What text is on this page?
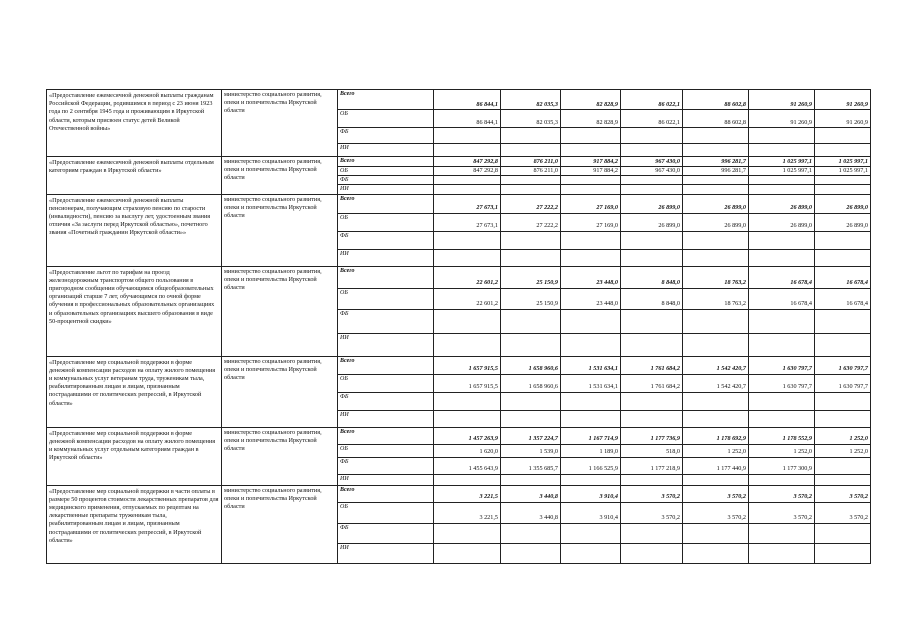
«Предоставление ежемесячной денежной выплаты гражданам Российской Федерации, родившимся в период с 23 июня 1923 года по 2 сентября 1945 года и проживающим в Иркутской области, которым присвоен статус детей Великой Отечественной войны»	министерство социального развития, опеки и попечительства Иркутской области	Всего	86 844,1	82 035,3	82 828,9	86 022,1	88 602,8	91 260,9	91 260,9
		ОБ	86 844,1	82 035,3	82 828,9	86 022,1	88 602,8	91 260,9	91 260,9
		ФБ							
		ИИ							
«Предоставление ежемесячной денежной выплаты отдельным категориям граждан в Иркутской области»	министерство социального развития, опеки и попечительства Иркутской области	Всего	847 292,8	876 211,0	917 884,2	967 430,0	996 281,7	1 025 997,1	1 025 997,1
		ОБ	847 292,8	876 211,0	917 884,2	967 430,0	996 281,7	1 025 997,1	1 025 997,1
		ФБ							
		ИИ							
«Предоставление ежемесячной денежной выплаты пенсионерам, получающим страховую пенсию по старости (инвалидности), пенсию за выслугу лет, удостоенным звания отличия «За заслуги перед Иркутской областью», почетного звания «Почетный гражданин Иркутской области»»	министерство социального развития, опеки и попечительства Иркутской области	Всего	27 673,1	27 222,2	27 169,0	26 899,0	26 899,0	26 899,0	26 899,0
		ОБ	27 673,1	27 222,2	27 169,0	26 899,0	26 899,0	26 899,0	26 899,0
		ФБ							
		ИИ							
«Предоставление льгот по тарифам на проезд железнодорожным транспортом общего пользования в пригородном сообщении обучающимся общеобразовательных организаций старше 7 лет, обучающимся по очной форме обучения в профессиональных образовательных организациях и образовательных организациях высшего образования в виде 50-процентной скидки»	министерство социального развития, опеки и попечительства Иркутской области	Всего	22 601,2	25 150,9	23 448,0	8 848,0	18 763,2	16 678,4	16 678,4
		ОБ	22 601,2	25 150,9	23 448,0	8 848,0	18 763,2	16 678,4	16 678,4
		ФБ							
		ИИ							
«Предоставление мер социальной поддержки в форме денежной компенсации расходов на оплату жилого помещения и коммунальных услуг ветеранам труда, труженикам тыла, реабилитированным лицам и лицам, признанным пострадавшими от политических репрессий, в Иркутской области»	министерство социального развития, опеки и попечительства Иркутской области	Всего	1 657 915,5	1 658 960,6	1 531 634,1	1 761 684,2	1 542 420,7	1 630 797,7	1 630 797,7
		ОБ	1 657 915,5	1 658 960,6	1 531 634,1	1 761 684,2	1 542 420,7	1 630 797,7	1 630 797,7
		ФБ							
		ИИ							
«Предоставление мер социальной поддержки в форме денежной компенсации расходов на оплату жилого помещения и коммунальных услуг отдельным категориям граждан в Иркутской области»	министерство социального развития, опеки и попечительства Иркутской области	Всего	1 457 263,9	1 357 224,7	1 167 714,9	1 177 736,9	1 178 692,9	1 178 552,9	1 252,0
		ОБ	1 620,0	1 539,0	1 189,0	518,0	1 252,0	1 252,0	1 252,0
		ФБ	1 455 643,9	1 355 685,7	1 166 525,9	1 177 218,9	1 177 440,9	1 177 300,9	
		ИИ							
«Предоставление мер социальной поддержки в части оплаты в размере 50 процентов стоимости лекарственных препаратов для медицинского применения, отпускаемых по рецептам на лекарственные препараты труженикам тыла, реабилитированным лицам и лицам, признанным пострадавшими от политических репрессий, в Иркутской области»	министерство социального развития, опеки и попечительства Иркутской области	Всего	3 221,5	3 440,8	3 910,4	3 570,2	3 570,2	3 570,2	3 570,2
		ОБ	3 221,5	3 440,8	3 910,4	3 570,2	3 570,2	3 570,2	3 570,2
		ФБ							
		ИИ							
